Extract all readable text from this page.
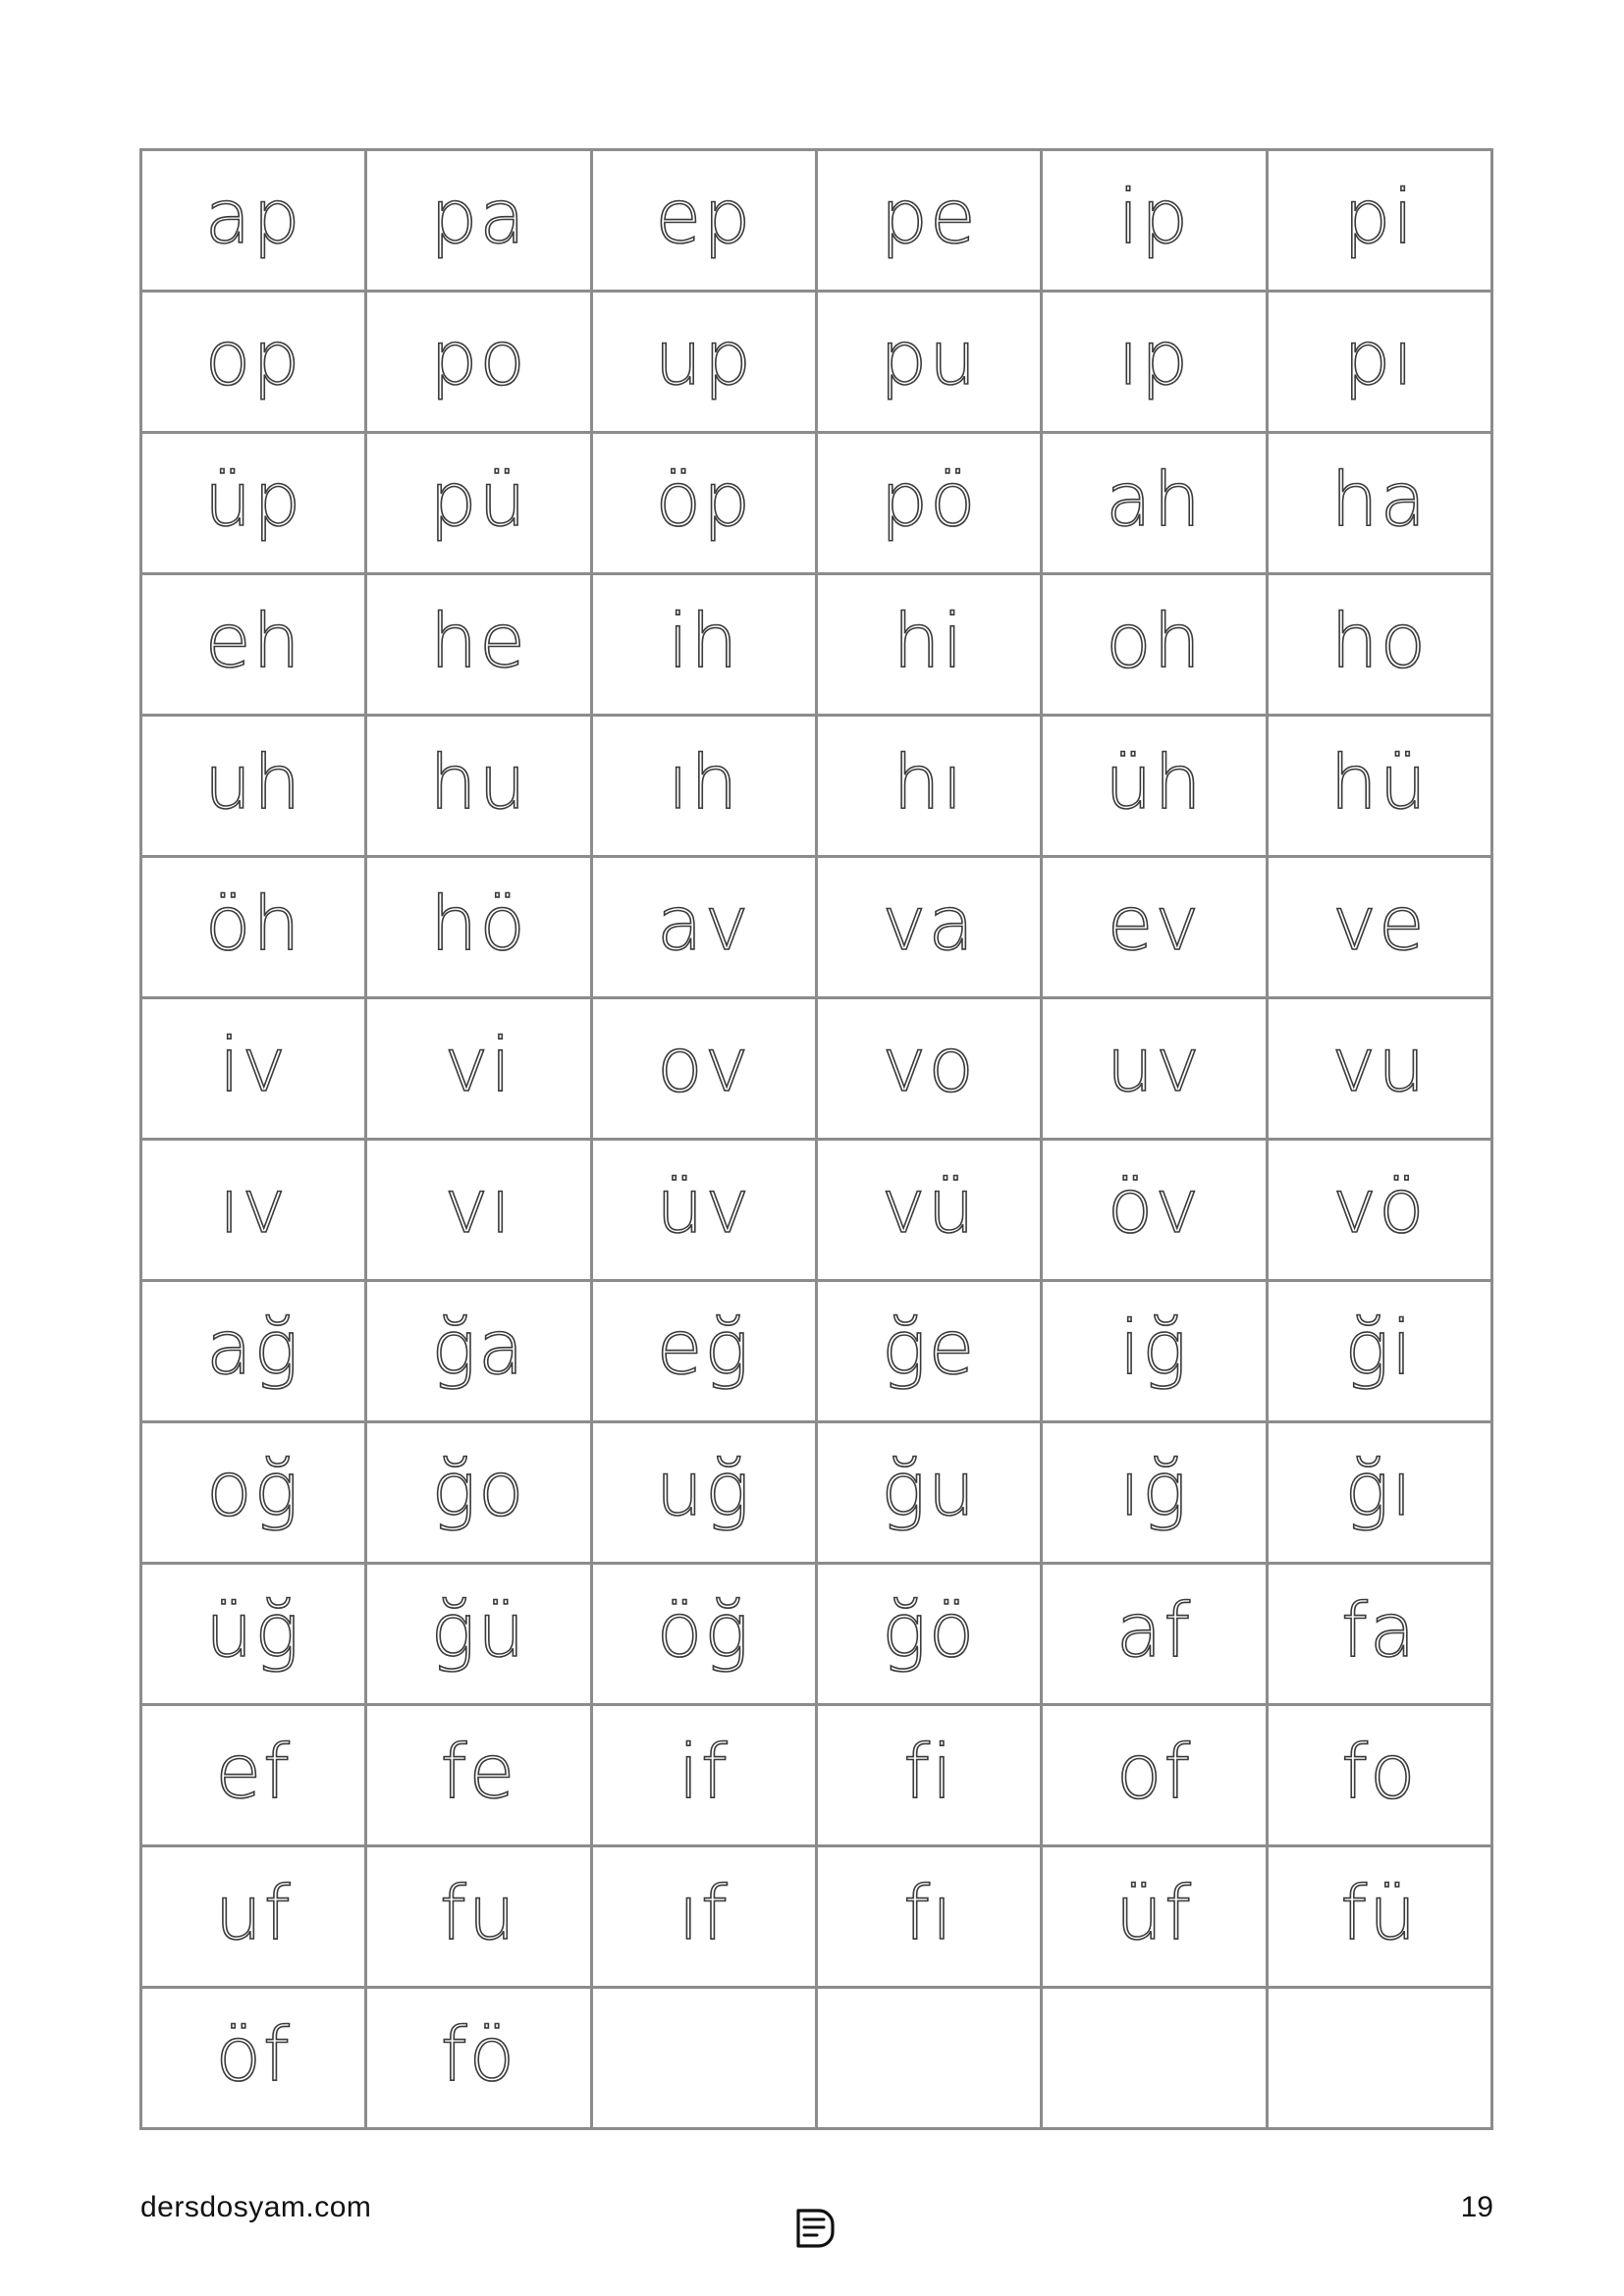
ap	pa	ep	pe	ip	pi
op	po	up	pu	ıp	pı
üp	pü	öp	pö	ah	ha
eh	he	ih	hi	oh	ho
uh	hu	ıh	hı	üh	hü
öh	hö	av	va	ev	ve
iv	vi	ov	vo	uv	vu
ıv	vı	üv	vü	öv	vö
ağ	ğa	eğ	ğe	iğ	ği
oğ	ğo	uğ	ğu	ığ	ğı
üğ	ğü	öğ	ğö	af	fa
ef	fe	if	fi	of	fo
uf	fu	ıf	fı	üf	fü
öf	fö				
dersdosyam.com	19
